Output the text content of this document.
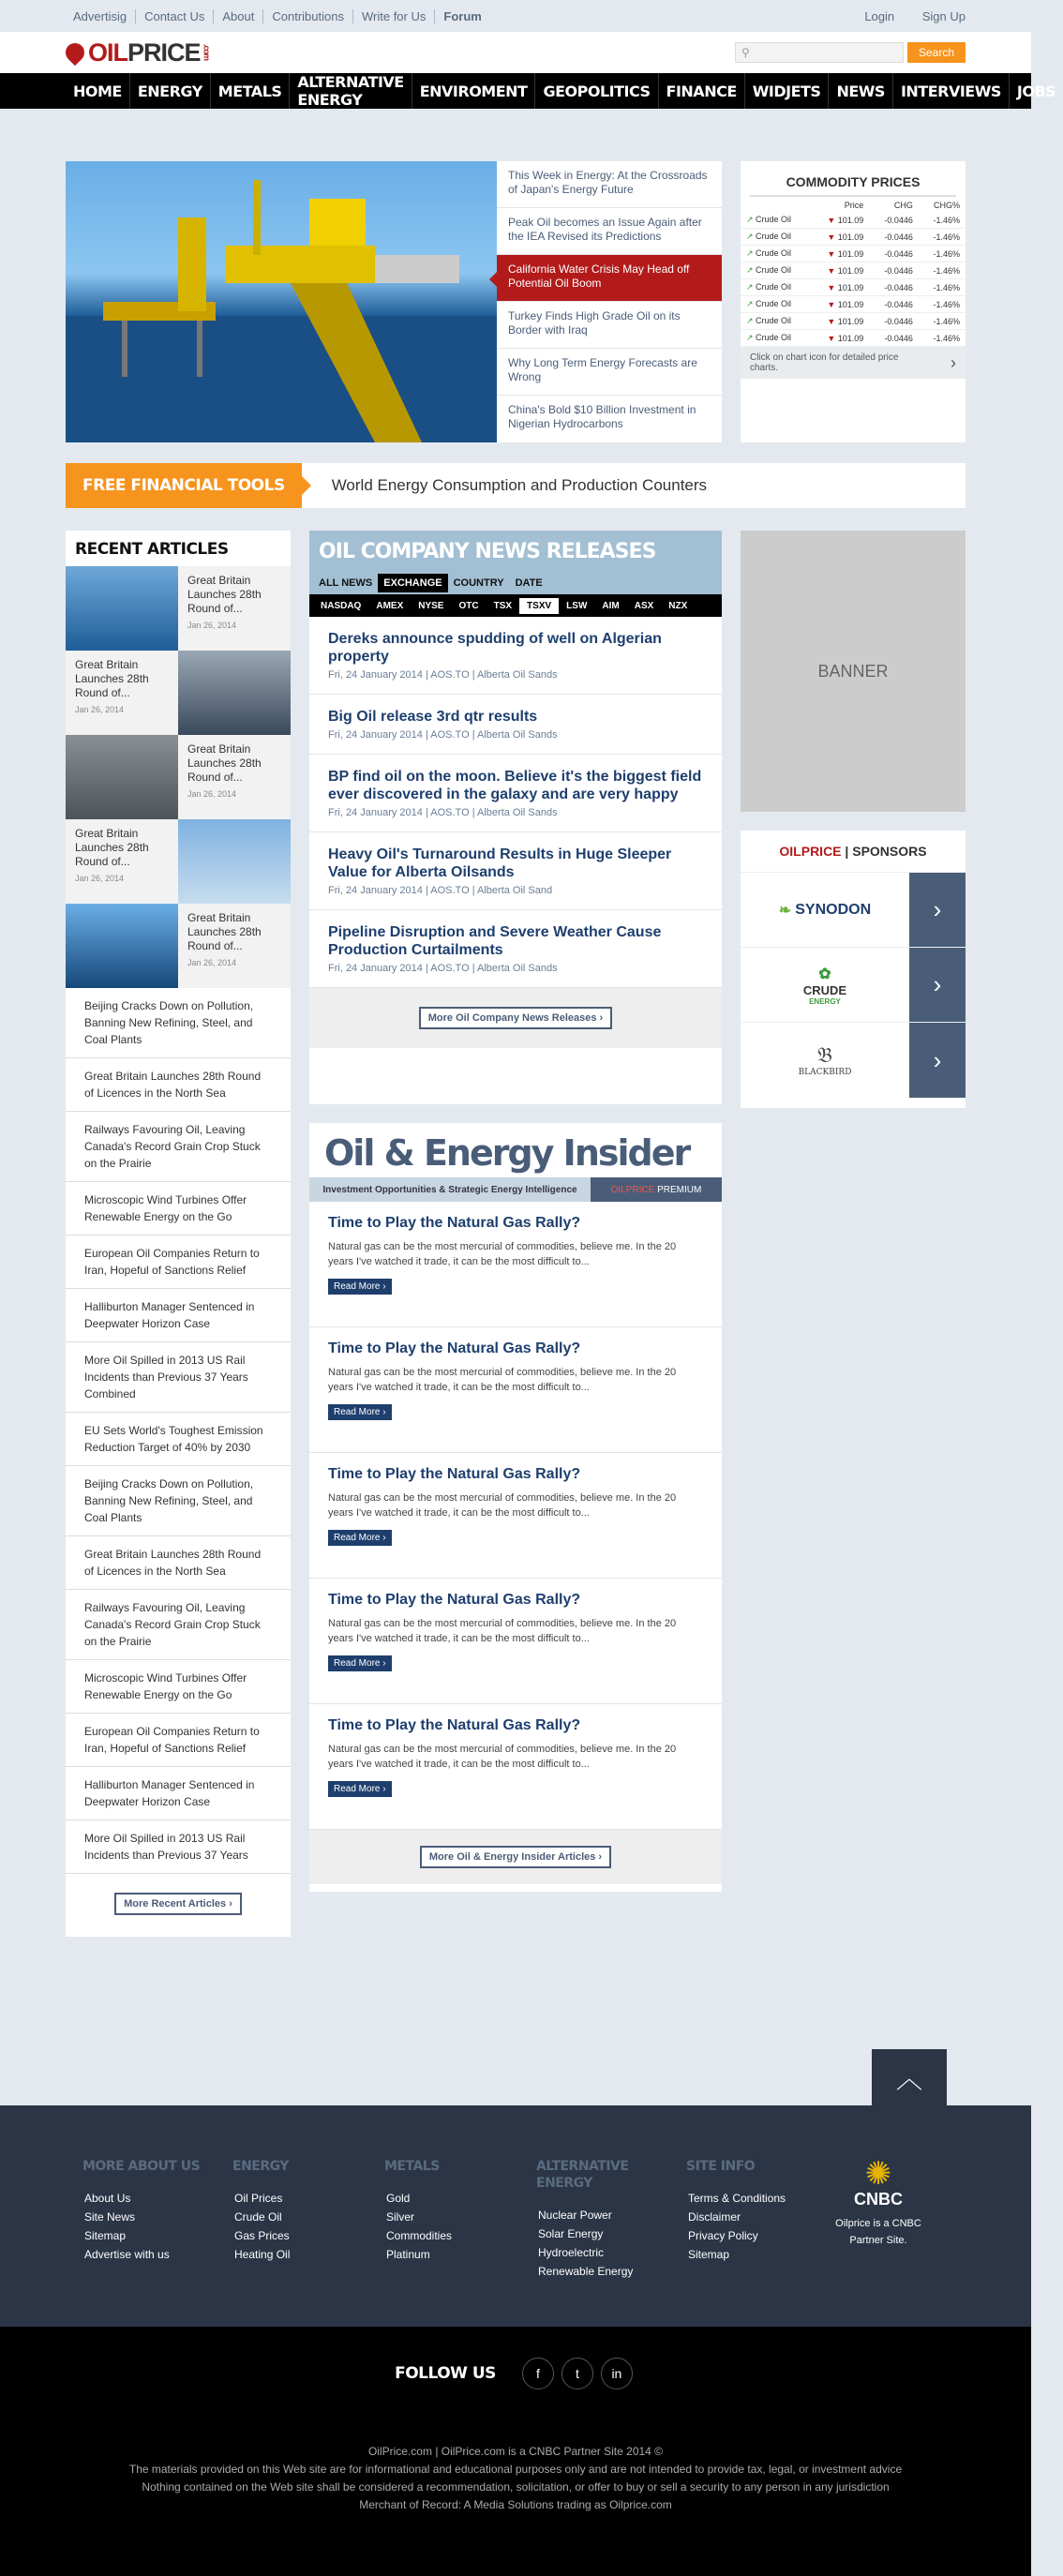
Advertisig Contact Us About Contributions Write for Us Forum	Login Sign Up
OIL PRICE .com	⚲	Search
HOME	ENERGY	METALS	ALTERNATIVE ENERGY	ENVIROMENT	GEOPOLITICS	FINANCE	WIDJETS	NEWS	INTERVIEWS	JOBS
This Week in Energy: At the Crossroads of Japan's Energy Future
Peak Oil becomes an Issue Again after the IEA Revised its Predictions
California Water Crisis May Head off Potential Oil Boom
Turkey Finds High Grade Oil on its Border with Iraq
Why Long Term Energy Forecasts are Wrong
China's Bold $10 Billion Investment in Nigerian Hydrocarbons
COMMODITY PRICES
	Price	CHG	CHG%
↗ Crude Oil	▼ 101.09	-0.0446	-1.46%
↗ Crude Oil	▼ 101.09	-0.0446	-1.46%
↗ Crude Oil	▼ 101.09	-0.0446	-1.46%
↗ Crude Oil	▼ 101.09	-0.0446	-1.46%
↗ Crude Oil	▼ 101.09	-0.0446	-1.46%
↗ Crude Oil	▼ 101.09	-0.0446	-1.46%
↗ Crude Oil	▼ 101.09	-0.0446	-1.46%
↗ Crude Oil	▼ 101.09	-0.0446	-1.46%
Click on chart icon for detailed price charts.	›
FREE FINANCIAL TOOLS	World Energy Consumption and Production Counters
RECENT ARTICLES
Great Britain Launches 28th Round of...
Jan 26, 2014
Great Britain Launches 28th Round of...
Jan 26, 2014
Great Britain Launches 28th Round of...
Jan 26, 2014
Great Britain Launches 28th Round of...
Jan 26, 2014
Great Britain Launches 28th Round of...
Jan 26, 2014
Beijing Cracks Down on Pollution, Banning New Refining, Steel, and Coal Plants
Great Britain Launches 28th Round of Licences in the North Sea
Railways Favouring Oil, Leaving Canada's Record Grain Crop Stuck on the Prairie
Microscopic Wind Turbines Offer Renewable Energy on the Go
European Oil Companies Return to Iran, Hopeful of Sanctions Relief
Halliburton Manager Sentenced in Deepwater Horizon Case
More Oil Spilled in 2013 US Rail Incidents than Previous 37 Years Combined
EU Sets World's Toughest Emission Reduction Target of 40% by 2030
Beijing Cracks Down on Pollution, Banning New Refining, Steel, and Coal Plants
Great Britain Launches 28th Round of Licences in the North Sea
Railways Favouring Oil, Leaving Canada's Record Grain Crop Stuck on the Prairie
Microscopic Wind Turbines Offer Renewable Energy on the Go
European Oil Companies Return to Iran, Hopeful of Sanctions Relief
Halliburton Manager Sentenced in Deepwater Horizon Case
More Oil Spilled in 2013 US Rail Incidents than Previous 37 Years
More Recent Articles ›
OIL COMPANY NEWS RELEASES
ALL NEWS	EXCHANGE	COUNTRY	DATE
NASDAQ	AMEX	NYSE	OTC	TSX	TSXV	LSW	AIM	ASX	NZX
Dereks announce spudding of well on Algerian property

Fri, 24 January 2014 | AOS.TO | Alberta Oil Sands

Big Oil release 3rd qtr results

Fri, 24 January 2014 | AOS.TO | Alberta Oil Sands

BP find oil on the moon. Believe it's the biggest field ever discovered in the galaxy and are very happy

Fri, 24 January 2014 | AOS.TO | Alberta Oil Sands

Heavy Oil's Turnaround Results in Huge Sleeper Value for Alberta Oilsands

Fri, 24 January 2014 | AOS.TO | Alberta Oil Sand

Pipeline Disruption and Severe Weather Cause Production Curtailments

Fri, 24 January 2014 | AOS.TO | Alberta Oil Sands

More Oil Company News Releases ›
Oil & Energy Insider
Investment Opportunities & Strategic Energy Intelligence	OILPRICE
PREMIUM
Time to Play the Natural Gas Rally?

Natural gas can be the most mercurial of commodities, believe me. In the 20 years I've watched it trade, it can be the most difficult to...

Read More ›
Time to Play the Natural Gas Rally?

Natural gas can be the most mercurial of commodities, believe me. In the 20 years I've watched it trade, it can be the most difficult to...

Read More ›
Time to Play the Natural Gas Rally?

Natural gas can be the most mercurial of commodities, believe me. In the 20 years I've watched it trade, it can be the most difficult to...

Read More ›
Time to Play the Natural Gas Rally?

Natural gas can be the most mercurial of commodities, believe me. In the 20 years I've watched it trade, it can be the most difficult to...

Read More ›
Time to Play the Natural Gas Rally?

Natural gas can be the most mercurial of commodities, believe me. In the 20 years I've watched it trade, it can be the most difficult to...

Read More ›
More Oil & Energy Insider Articles ›
BANNER
OILPRICE | SPONSORS
❧ SYNODON	›
✿
CRUDE
ENERGY
›
𝔅
BLACKBIRD	›
︿
✺
CNBC
Oilprice is a CNBC Partner Site.
MORE ABOUT US
About Us
Site News
Sitemap
Advertise with us
ENERGY
Oil Prices
Crude Oil
Gas Prices
Heating Oil
METALS
Gold
Silver
Commodities
Platinum
ALTERNATIVE ENERGY
Nuclear Power
Solar Energy
Hydroelectric
Renewable Energy
SITE INFO
Terms & Conditions
Disclaimer
Privacy Policy
Sitemap
FOLLOW US	f	t	in
OilPrice.com | OilPrice.com is a CNBC Partner Site 2014 ©
The materials provided on this Web site are for informational and educational purposes only and are not intended to provide tax, legal, or investment advice
Nothing contained on the Web site shall be considered a recommendation, solicitation, or offer to buy or sell a security to any person in any jurisdiction
Merchant of Record: A Media Solutions trading as Oilprice.com
